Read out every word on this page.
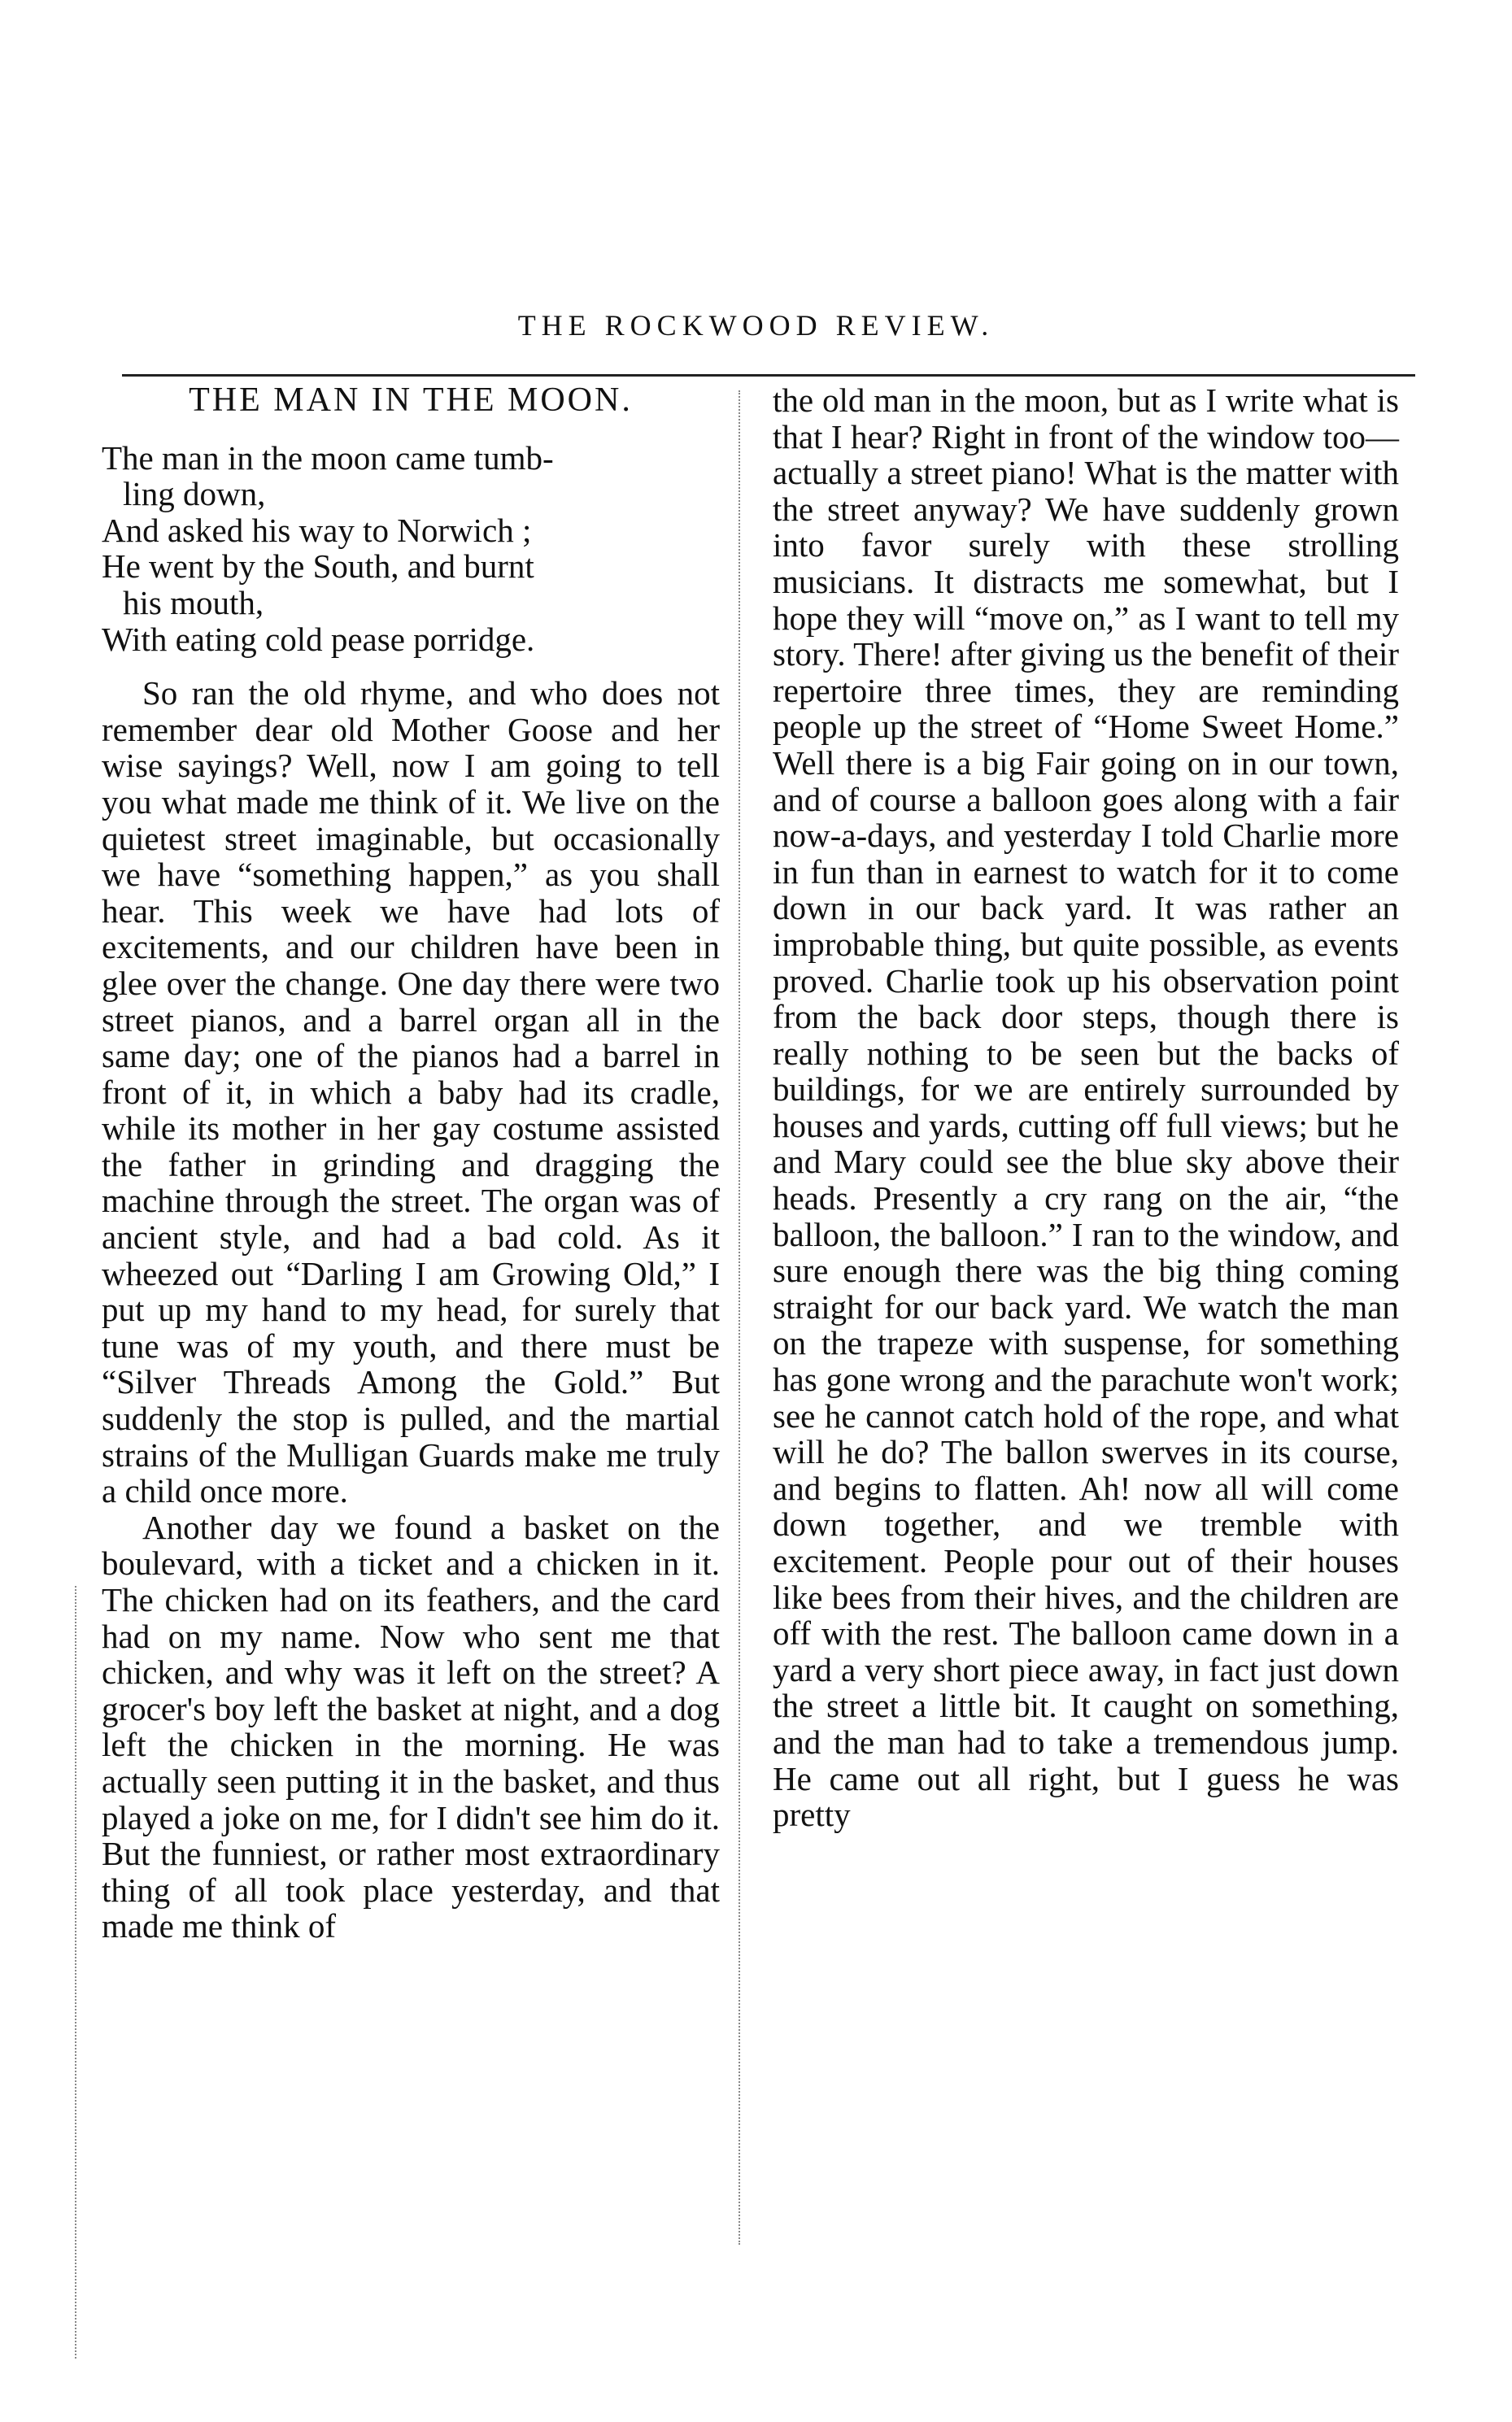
THE ROCKWOOD REVIEW.
THE MAN IN THE MOON.
The man in the moon came tumb-
ling down,
And asked his way to Norwich ;
He went by the South, and burnt
his mouth,
With eating cold pease porridge.

So ran the old rhyme, and who does not remember dear old Mother Goose and her wise sayings? Well, now I am going to tell you what made me think of it. We live on the quietest street imaginable, but occasionally we have “something happen,” as you shall hear. This week we have had lots of excitements, and our children have been in glee over the change. One day there were two street pianos, and a barrel organ all in the same day; one of the pianos had a barrel in front of it, in which a baby had its cradle, while its mother in her gay costume assisted the father in grinding and dragging the machine through the street. The organ was of ancient style, and had a bad cold. As it wheezed out “Darling I am Growing Old,” I put up my hand to my head, for surely that tune was of my youth, and there must be “Silver Threads Among the Gold.” But suddenly the stop is pulled, and the martial strains of the Mulligan Guards make me truly a child once more.

Another day we found a basket on the boulevard, with a ticket and a chicken in it. The chicken had on its feathers, and the card had on my name. Now who sent me that chicken, and why was it left on the street? A grocer's boy left the basket at night, and a dog left the chicken in the morning. He was actually seen putting it in the basket, and thus played a joke on me, for I didn't see him do it. But the funniest, or rather most extraordinary thing of all took place yesterday, and that made me think of

the old man in the moon, but as I write what is that I hear? Right in front of the window too—actually a street piano! What is the matter with the street anyway? We have suddenly grown into favor surely with these strolling musicians. It distracts me somewhat, but I hope they will “move on,” as I want to tell my story. There! after giving us the benefit of their repertoire three times, they are reminding people up the street of “Home Sweet Home.” Well there is a big Fair going on in our town, and of course a balloon goes along with a fair now-a-days, and yesterday I told Charlie more in fun than in earnest to watch for it to come down in our back yard. It was rather an improbable thing, but quite possible, as events proved. Charlie took up his observation point from the back door steps, though there is really nothing to be seen but the backs of buildings, for we are entirely surrounded by houses and yards, cutting off full views; but he and Mary could see the blue sky above their heads. Presently a cry rang on the air, “the balloon, the balloon.” I ran to the window, and sure enough there was the big thing coming straight for our back yard. We watch the man on the trapeze with suspense, for something has gone wrong and the parachute won't work; see he cannot catch hold of the rope, and what will he do? The ballon swerves in its course, and begins to flatten. Ah! now all will come down together, and we tremble with excitement. People pour out of their houses like bees from their hives, and the children are off with the rest. The balloon came down in a yard a very short piece away, in fact just down the street a little bit. It caught on something, and the man had to take a tremendous jump. He came out all right, but I guess he was pretty
